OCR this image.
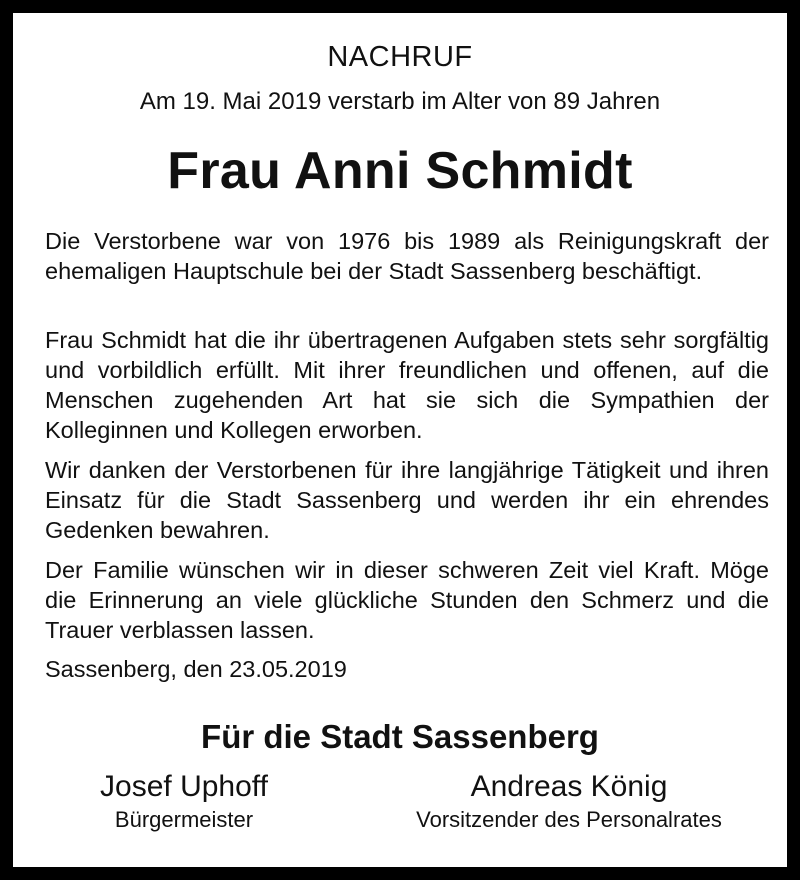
NACHRUF
Am 19. Mai 2019 verstarb im Alter von 89 Jahren
Frau Anni Schmidt
Die Verstorbene war von 1976 bis 1989 als Reinigungskraft der ehemaligen Hauptschule bei der Stadt Sassenberg beschäftigt.
Frau Schmidt hat die ihr übertragenen Aufgaben stets sehr sorgfältig und vorbildlich erfüllt. Mit ihrer freundlichen und offenen, auf die Menschen zugehenden Art hat sie sich die Sympathien der Kolleginnen und Kollegen erworben.
Wir danken der Verstorbenen für ihre langjährige Tätigkeit und ihren Einsatz für die Stadt Sassenberg und werden ihr ein ehrendes Gedenken bewahren.
Der Familie wünschen wir in dieser schweren Zeit viel Kraft. Möge die Erinnerung an viele glückliche Stunden den Schmerz und die Trauer verblassen lassen.
Sassenberg, den 23.05.2019
Für die Stadt Sassenberg
Josef Uphoff
Bürgermeister
Andreas König
Vorsitzender des Personalrates
